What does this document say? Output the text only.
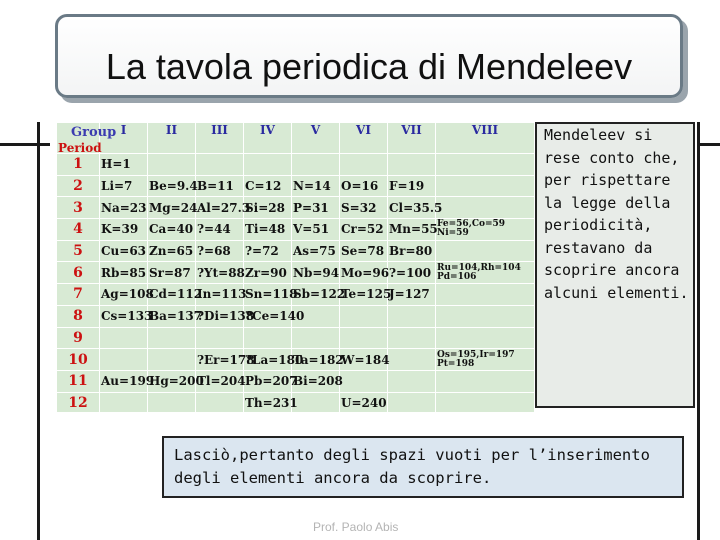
La tavola periodica di Mendeleev
Group
Period	I	II	III	IV	V	VI	VII	VIII
1	H=1							
2	Li=7	Be=9.4	B=11	C=12	N=14	O=16	F=19	
3	Na=23	Mg=24	Al=27.3	Si=28	P=31	S=32	Cl=35.5	
4	K=39	Ca=40	?=44	Ti=48	V=51	Cr=52	Mn=55	Fe=56,Co=59 Ni=59
5	Cu=63	Zn=65	?=68	?=72	As=75	Se=78	Br=80	
6	Rb=85	Sr=87	?Yt=88	Zr=90	Nb=94	Mo=96	?=100	Ru=104,Rh=104 Pd=106
7	Ag=108	Cd=112	In=113	Sn=118	Sb=122	Te=125	J=127	
8	Cs=133	Ba=137	?Di=138	?Ce=140				
9								
10			?Er=178	?La=180	Ta=182	W=184		Os=195,Ir=197 Pt=198
11	Au=199	Hg=200	Tl=204	Pb=207	Bi=208			
12				Th=231		U=240		

Mendeleev si rese conto che, per rispettare la legge della periodicità, restavano da scoprire ancora alcuni elementi.

Lasciò,pertanto degli spazi vuoti per l’inserimento degli elementi ancora da scoprire.

Prof. Paolo Abis
